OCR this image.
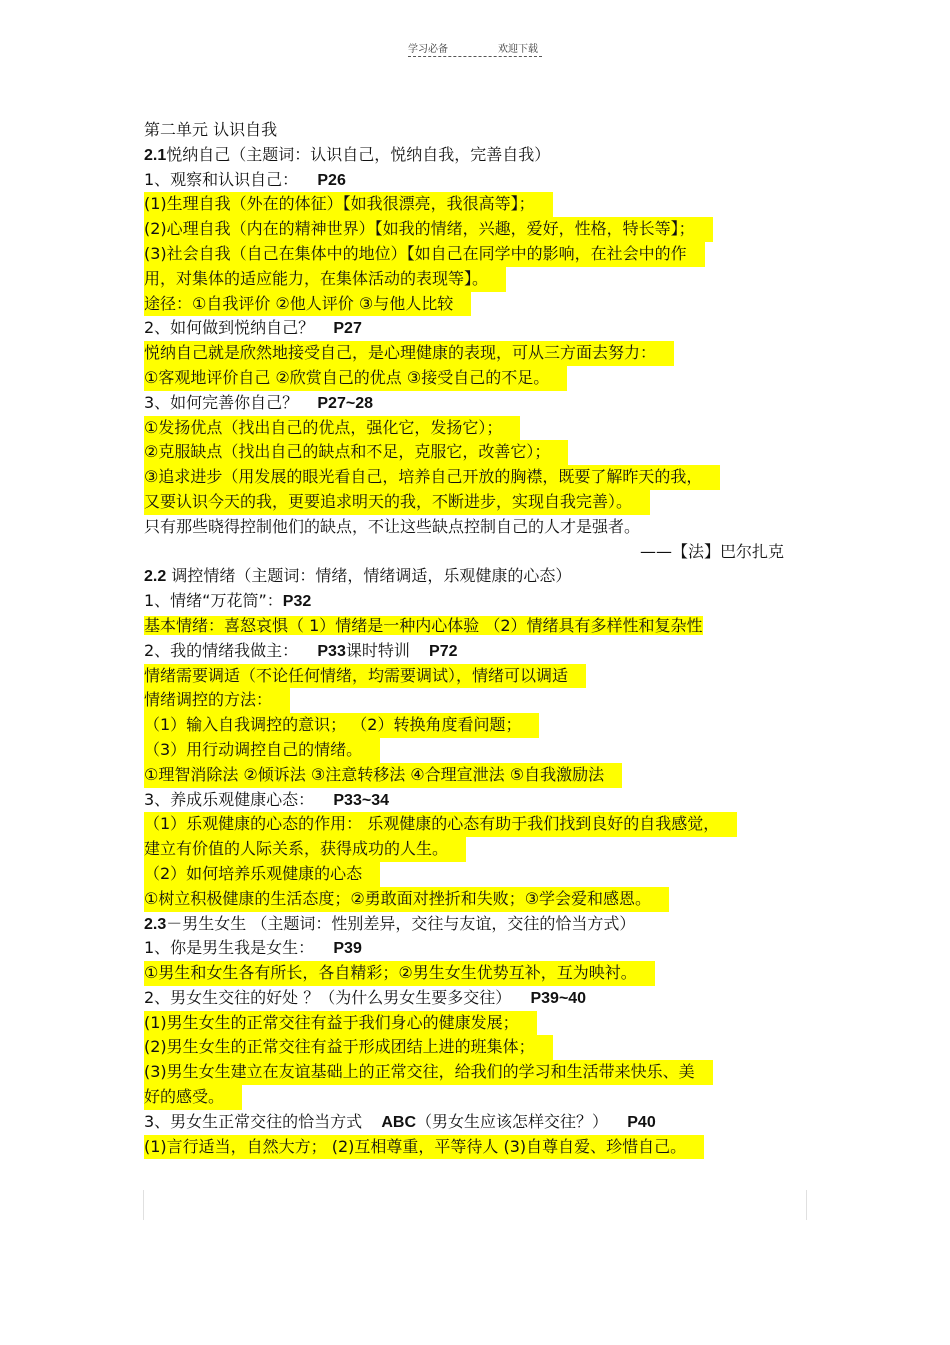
学习必备	欢迎下载
第二单元 认识自我
2.1悦纳自己（主题词：认识自己，悦纳自我，完善自我）
1、观察和认识自己： P26
(1)生理自我（外在的体征）【如我很漂亮，我很高等】；
(2)心理自我（内在的精神世界）【如我的情绪，兴趣，爱好，性格，特长等】；
(3)社会自我（自己在集体中的地位）【如自己在同学中的影响，在社会中的作
用，对集体的适应能力，在集体活动的表现等】。
途径：①自我评价 ②他人评价 ③与他人比较
2、如何做到悦纳自己？ P27
悦纳自己就是欣然地接受自己，是心理健康的表现，可从三方面去努力：
①客观地评价自己 ②欣赏自己的优点 ③接受自己的不足。
3、如何完善你自己？ P27~28
①发扬优点（找出自己的优点，强化它，发扬它）；
②克服缺点（找出自己的缺点和不足，克服它，改善它）；
③追求进步（用发展的眼光看自己，培养自己开放的胸襟，既要了解昨天的我，
又要认识今天的我，更要追求明天的我，不断进步，实现自我完善）。
只有那些晓得控制他们的缺点，不让这些缺点控制自己的人才是强者。
——【法】巴尔扎克
2.2 调控情绪（主题词：情绪，情绪调适，乐观健康的心态）
1、情绪“万花筒”：P32
基本情绪：喜怒哀惧（ 1）情绪是一种内心体验 （2）情绪具有多样性和复杂性
2、我的情绪我做主： P33课时特训 P72
情绪需要调适（不论任何情绪，均需要调试），情绪可以调适
情绪调控的方法：
（1）输入自我调控的意识； （2）转换角度看问题；
（3）用行动调控自己的情绪。
①理智消除法 ②倾诉法 ③注意转移法 ④合理宣泄法 ⑤自我激励法
3、养成乐观健康心态： P33~34
（1）乐观健康的心态的作用： 乐观健康的心态有助于我们找到良好的自我感觉，
建立有价值的人际关系，获得成功的人生。
（2）如何培养乐观健康的心态
①树立积极健康的生活态度；②勇敢面对挫折和失败；③学会爱和感恩。
2.3－男生女生 （主题词：性别差异，交往与友谊，交往的恰当方式）
1、你是男生我是女生： P39
①男生和女生各有所长，各自精彩；②男生女生优势互补，互为映衬。
2、男女生交往的好处 ？（为什么男女生要多交往） P39~40
(1)男生女生的正常交往有益于我们身心的健康发展；
(2)男生女生的正常交往有益于形成团结上进的班集体；
(3)男生女生建立在友谊基础上的正常交往，给我们的学习和生活带来快乐、美
好的感受。
3、男女生正常交往的恰当方式 ABC（男女生应该怎样交往？） P40
(1)言行适当，自然大方； (2)互相尊重，平等待人 (3)自尊自爱、珍惜自己。
